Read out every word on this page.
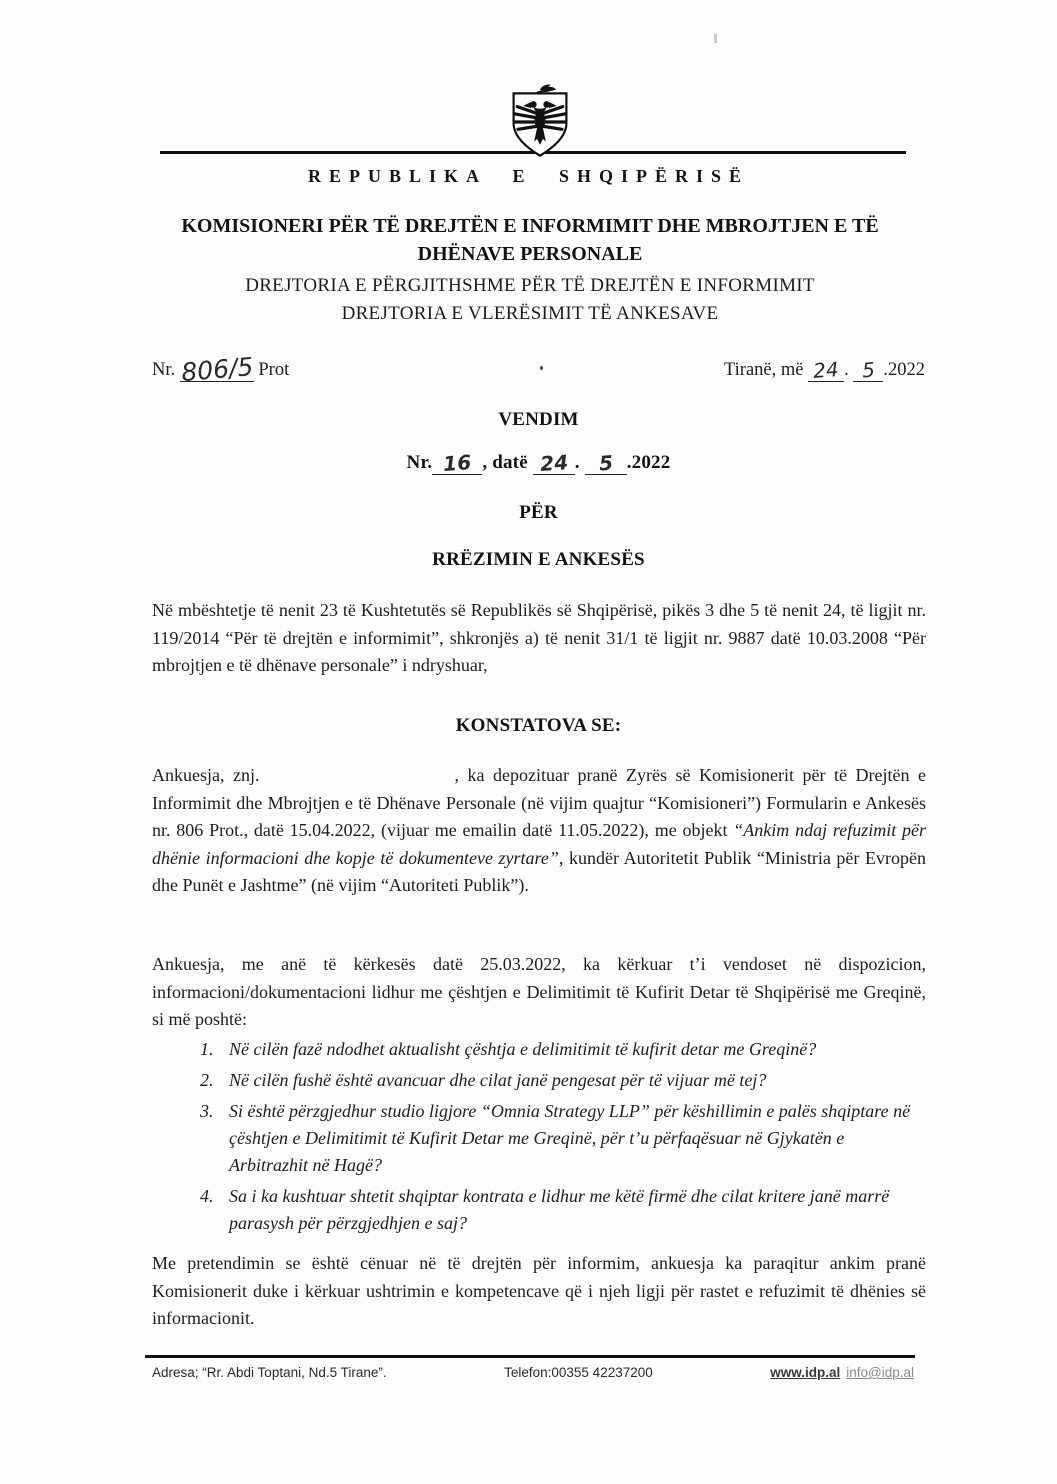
REPUBLIKA E SHQIPËRISË
KOMISIONERI PËR TË DREJTËN E INFORMIMIT DHE MBROJTJEN E TË
DHËNAVE PERSONALE
DREJTORIA E PËRGJITHSHME PËR TË DREJTËN E INFORMIMIT
DREJTORIA E VLERËSIMIT TË ANKESAVE
Nr. 806/5 Prot	Tiranë, më 24 . 5 .2022
VENDIM
Nr. 16 , datë 24 . 5 .2022
PËR
RRËZIMIN E ANKESËS
Në mbështetje të nenit 23 të Kushtetutës së Republikës së Shqipërisë, pikës 3 dhe 5 të nenit 24, të ligjit nr. 119/2014 “Për të drejtën e informimit”, shkronjës a) të nenit 31/1 të ligjit nr. 9887 datë 10.03.2008 “Për mbrojtjen e të dhënave personale” i ndryshuar,
KONSTATOVA SE:
Ankuesja, znj.	, ka depozituar pranë Zyrës së Komisionerit për të Drejtën e Informimit dhe Mbrojtjen e të Dhënave Personale (në vijim quajtur “Komisioneri”) Formularin e Ankesës nr. 806 Prot., datë 15.04.2022, (vijuar me emailin datë 11.05.2022), me objekt “Ankim ndaj refuzimit për dhënie informacioni dhe kopje të dokumenteve zyrtare”, kundër Autoritetit Publik “Ministria për Evropën dhe Punët e Jashtme” (në vijim “Autoriteti Publik”).
Ankuesja, me anë të kërkesës datë 25.03.2022, ka kërkuar t’i vendoset në dispozicion, informacioni/dokumentacioni lidhur me çështjen e Delimitimit të Kufirit Detar të Shqipërisë me Greqinë, si më poshtë:
1. Në cilën fazë ndodhet aktualisht çështja e delimitimit të kufirit detar me Greqinë?
2. Në cilën fushë është avancuar dhe cilat janë pengesat për të vijuar më tej?
3. Si është përzgjedhur studio ligjore “Omnia Strategy LLP” për këshillimin e palës shqiptare në çështjen e Delimitimit të Kufirit Detar me Greqinë, për t’u përfaqësuar në Gjykatën e Arbitrazhit në Hagë?
4. Sa i ka kushtuar shtetit shqiptar kontrata e lidhur me këtë firmë dhe cilat kritere janë marrë parasysh për përzgjedhjen e saj?
Me pretendimin se është cënuar në të drejtën për informim, ankuesja ka paraqitur ankim pranë Komisionerit duke i kërkuar ushtrimin e kompetencave që i njeh ligji për rastet e refuzimit të dhënies së informacionit.
Adresa; “Rr. Abdi Toptani, Nd.5 Tirane”.	Telefon:00355 42237200	www.idp.al info@idp.al
